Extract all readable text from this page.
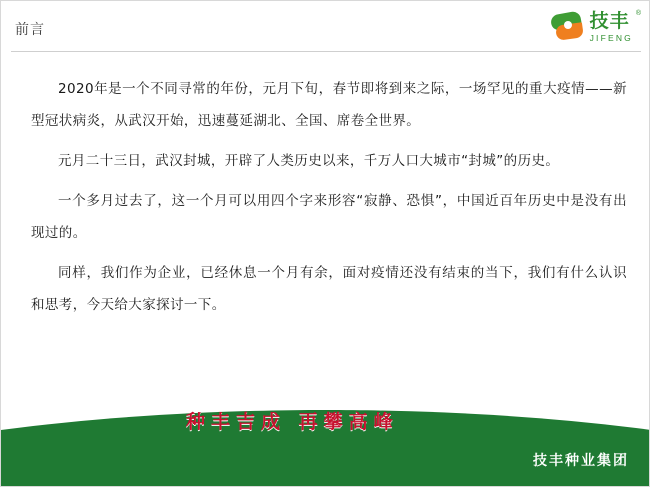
前言	技丰 ®
JIFENG

2020年是一个不同寻常的年份，元月下旬，春节即将到来之际，一场罕见的重大疫情——新型冠状病炎，从武汉开始，迅速蔓延湖北、全国、席卷全世界。

元月二十三日，武汉封城，开辟了人类历史以来，千万人口大城市“封城”的历史。

一个多月过去了，这一个月可以用四个字来形容“寂静、恐惧”，中国近百年历史中是没有出现过的。

同样，我们作为企业，已经休息一个月有余，面对疫情还没有结束的当下，我们有什么认识和思考，今天给大家探讨一下。

种丰吉成 再攀高峰
技丰种业集团
